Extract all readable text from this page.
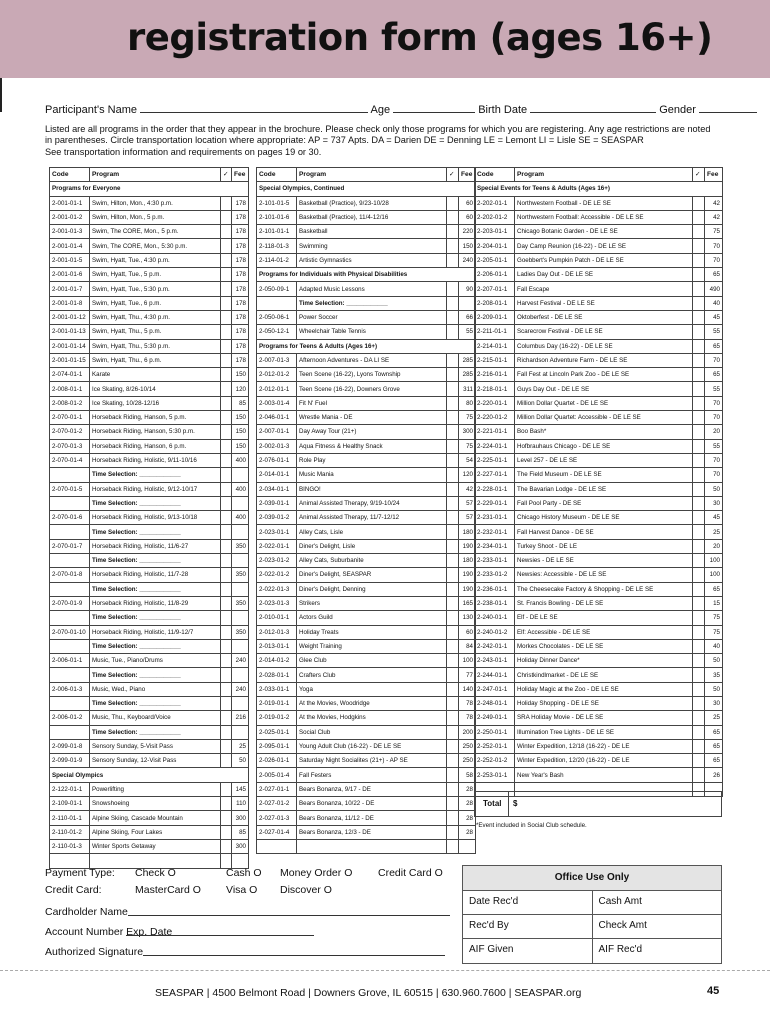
registration form (ages 16+)
Participant's Name	Age	Birth Date	Gender
Listed are all programs in the order that they appear in the brochure. Please check only those programs for which you are registering. Any age restrictions are noted
in parentheses. Circle transportation location where appropriate: AP = 737 Apts. DA = Darien DE = Denning LE = Lemont LI = Lisle SE = SEASPAR
See transportation information and requirements on pages 19 or 30.
Code	Program	✓	Fee
Programs for Everyone			
2-001-01-1	Swim, Hilton, Mon., 4:30 p.m.		178
2-001-01-2	Swim, Hilton, Mon., 5 p.m.		178
2-001-01-3	Swim, The CORE, Mon., 5 p.m.		178
2-001-01-4	Swim, The CORE, Mon., 5:30 p.m.		178
2-001-01-5	Swim, Hyatt, Tue., 4:30 p.m.		178
2-001-01-6	Swim, Hyatt, Tue., 5 p.m.		178
2-001-01-7	Swim, Hyatt, Tue., 5:30 p.m.		178
2-001-01-8	Swim, Hyatt, Tue., 6 p.m.		178
2-001-01-12	Swim, Hyatt, Thu., 4:30 p.m.		178
2-001-01-13	Swim, Hyatt, Thu., 5 p.m.		178
2-001-01-14	Swim, Hyatt, Thu., 5:30 p.m.		178
2-001-01-15	Swim, Hyatt, Thu., 6 p.m.		178
2-074-01-1	Karate		150
2-008-01-1	Ice Skating, 8/26-10/14		120
2-008-01-2	Ice Skating, 10/28-12/16		85
2-070-01-1	Horseback Riding, Hanson, 5 p.m.		150
2-070-01-2	Horseback Riding, Hanson, 5:30 p.m.		150
2-070-01-3	Horseback Riding, Hanson, 6 p.m.		150
2-070-01-4	Horseback Riding, Holistic, 9/11-10/16		400
	Time Selection: ____________		
2-070-01-5	Horseback Riding, Holistic, 9/12-10/17		400
	Time Selection: ____________		
2-070-01-6	Horseback Riding, Holistic, 9/13-10/18		400
	Time Selection: ____________		
2-070-01-7	Horseback Riding, Holistic, 11/6-27		350
	Time Selection: ____________		
2-070-01-8	Horseback Riding, Holistic, 11/7-28		350
	Time Selection: ____________		
2-070-01-9	Horseback Riding, Holistic, 11/8-29		350
	Time Selection: ____________		
2-070-01-10	Horseback Riding, Holistic, 11/9-12/7		350
	Time Selection: ____________		
2-006-01-1	Music, Tue., Piano/Drums		240
	Time Selection: ____________		
2-006-01-3	Music, Wed., Piano		240
	Time Selection: ____________		
2-006-01-2	Music, Thu., Keyboard/Voice		216
	Time Selection: ____________		
2-099-01-8	Sensory Sunday, 5-Visit Pass		25
2-099-01-9	Sensory Sunday, 12-Visit Pass		50
Special Olympics			
2-122-01-1	Powerlifting		145
2-109-01-1	Snowshoeing		110
2-110-01-1	Alpine Skiing, Cascade Mountain		300
2-110-01-2	Alpine Skiing, Four Lakes		85
2-110-01-3	Winter Sports Getaway		300

Code	Program	✓	Fee
Special Olympics, Continued			
2-101-01-5	Basketball (Practice), 9/23-10/28		60
2-101-01-6	Basketball (Practice), 11/4-12/16		60
2-101-01-1	Basketball		220
2-118-01-3	Swimming		150
2-114-01-2	Artistic Gymnastics		240
Programs for Individuals with Physical Disabilities			
2-050-09-1	Adapted Music Lessons		90
	Time Selection: ____________		
2-050-06-1	Power Soccer		66
2-050-12-1	Wheelchair Table Tennis		55
Programs for Teens & Adults (Ages 16+)			
2-007-01-3	Afternoon Adventures - DA LI SE		285
2-012-01-2	Teen Scene (16-22), Lyons Township		285
2-012-01-1	Teen Scene (16-22), Downers Grove		311
2-003-01-4	Fit N' Fuel		80
2-046-01-1	Wrestle Mania - DE		75
2-007-01-1	Day Away Tour (21+)		300
2-002-01-3	Aqua Fitness & Healthy Snack		75
2-076-01-1	Role Play		54
2-014-01-1	Music Mania		120
2-034-01-1	BINGO!		42
2-039-01-1	Animal Assisted Therapy, 9/19-10/24		57
2-039-01-2	Animal Assisted Therapy, 11/7-12/12		57
2-023-01-1	Alley Cats, Lisle		180
2-022-01-1	Diner's Delight, Lisle		190
2-023-01-2	Alley Cats, Suburbanite		180
2-022-01-2	Diner's Delight, SEASPAR		190
2-022-01-3	Diner's Delight, Denning		190
2-023-01-3	Strikers		165
2-010-01-1	Actors Guild		130
2-012-01-3	Holiday Treats		60
2-013-01-1	Weight Training		84
2-014-01-2	Glee Club		100
2-028-01-1	Crafters Club		77
2-033-01-1	Yoga		140
2-019-01-1	At the Movies, Woodridge		78
2-019-01-2	At the Movies, Hodgkins		78
2-025-01-1	Social Club		200
2-095-01-1	Young Adult Club (16-22) - DE LE SE		250
2-026-01-1	Saturday Night Socialites (21+) - AP SE		250
2-005-01-4	Fall Festers		58
2-027-01-1	Bears Bonanza, 9/17 - DE		28
2-027-01-2	Bears Bonanza, 10/22 - DE		28
2-027-01-3	Bears Bonanza, 11/12 - DE		28
2-027-01-4	Bears Bonanza, 12/3 - DE		28

Code	Program	✓	Fee
Special Events for Teens & Adults (Ages 16+)			
2-202-01-1	Northwestern Football - DE LE SE		42
2-202-01-2	Northwestern Football: Accessible - DE LE SE		42
2-203-01-1	Chicago Botanic Garden - DE LE SE		75
2-204-01-1	Day Camp Reunion (16-22) - DE LE SE		70
2-205-01-1	Goebbert's Pumpkin Patch - DE LE SE		70
2-206-01-1	Ladies Day Out - DE LE SE		65
2-207-01-1	Fall Escape		490
2-208-01-1	Harvest Festival - DE LE SE		40
2-209-01-1	Oktoberfest - DE LE SE		45
2-211-01-1	Scarecrow Festival - DE LE SE		55
2-214-01-1	Columbus Day (16-22) - DE LE SE		65
2-215-01-1	Richardson Adventure Farm - DE LE SE		70
2-216-01-1	Fall Fest at Lincoln Park Zoo - DE LE SE		65
2-218-01-1	Guys Day Out - DE LE SE		55
2-220-01-1	Million Dollar Quartet - DE LE SE		70
2-220-01-2	Million Dollar Quartet: Accessible - DE LE SE		70
2-221-01-1	Boo Bash*		20
2-224-01-1	Hofbrauhaus Chicago - DE LE SE		55
2-225-01-1	Level 257 - DE LE SE		70
2-227-01-1	The Field Museum - DE LE SE		70
2-228-01-1	The Bavarian Lodge - DE LE SE		50
2-229-01-1	Fall Pool Party - DE SE		30
2-231-01-1	Chicago History Museum - DE LE SE		45
2-232-01-1	Fall Harvest Dance - DE SE		25
2-234-01-1	Turkey Shoot - DE LE		20
2-233-01-1	Newsies - DE LE SE		100
2-233-01-2	Newsies: Accessible - DE LE SE		100
2-236-01-1	The Cheesecake Factory & Shopping - DE LE SE		65
2-238-01-1	St. Francis Bowling - DE LE SE		15
2-240-01-1	Elf - DE LE SE		75
2-240-01-2	Elf: Accessible - DE LE SE		75
2-242-01-1	Morkes Chocolates - DE LE SE		40
2-243-01-1	Holiday Dinner Dance*		50
2-244-01-1	Christkindlmarket - DE LE SE		35
2-247-01-1	Holiday Magic at the Zoo - DE LE SE		50
2-248-01-1	Holiday Shopping - DE LE SE		30
2-249-01-1	SRA Holiday Movie - DE LE SE		25
2-250-01-1	Illumination Tree Lights - DE LE SE		65
2-252-01-1	Winter Expedition, 12/18 (16-22) - DE LE		65
2-252-01-2	Winter Expedition, 12/20 (16-22) - DE LE		65
2-253-01-1	New Year's Bash		26

Total	$
*Event included in Social Club schedule.
Payment Type: Check O	Cash O Money Order O Credit Card O
Credit Card:	MasterCard O Visa O Discover O
Cardholder Name
Account Number Exp. Date
Authorized Signature
Office Use Only
Date Rec'd	Cash Amt
Rec'd By	Check Amt
AIF Given	AIF Rec'd
SEASPAR | 4500 Belmont Road | Downers Grove, IL 60515 | 630.960.7600 | SEASPAR.org	45
